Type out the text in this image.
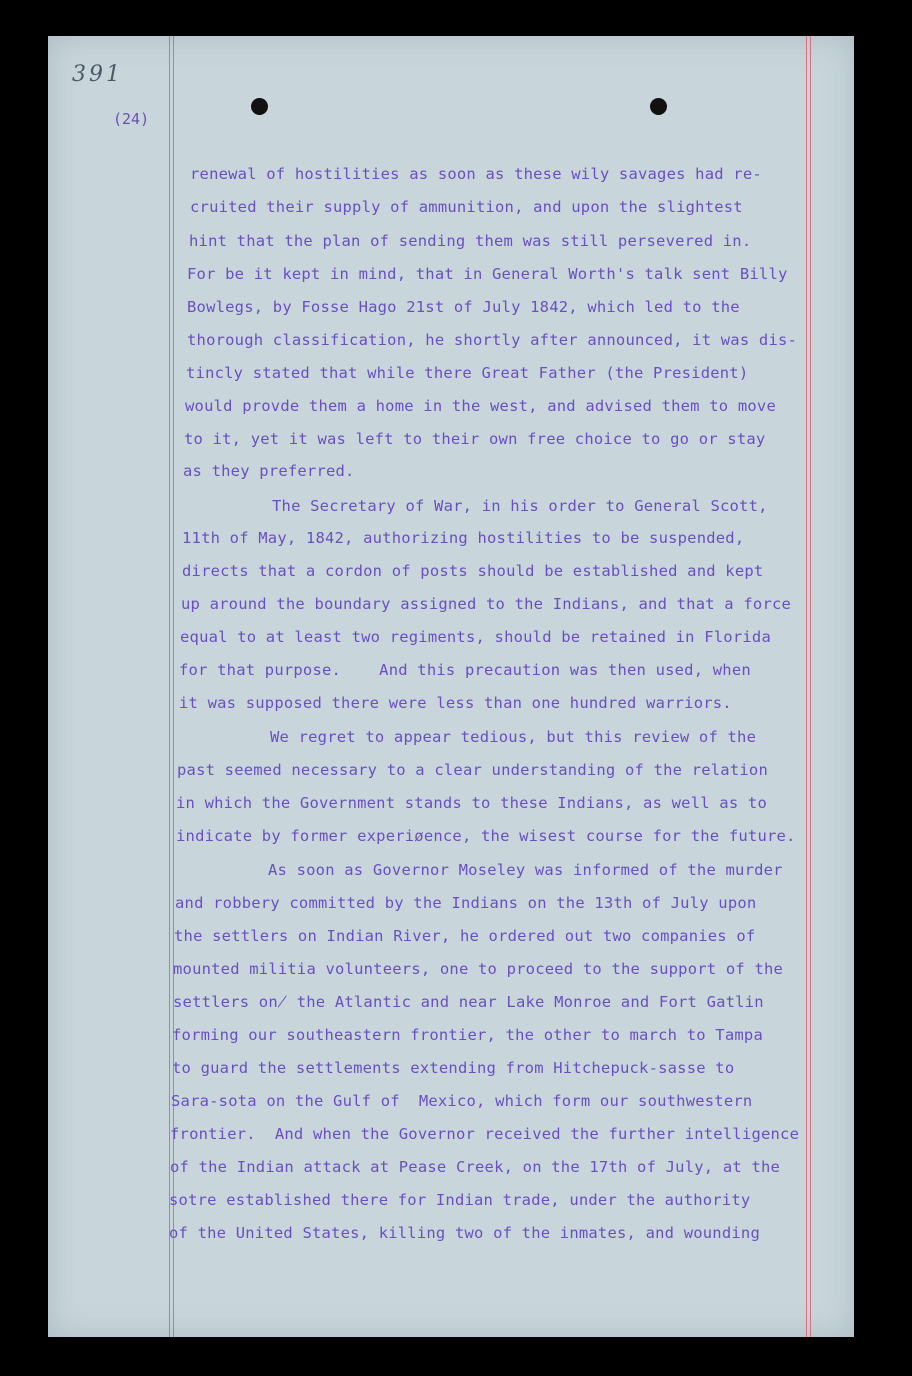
391
(24)
renewal of hostilities as soon as these wily savages had re-
cruited their supply of ammunition, and upon the slightest
hint that the plan of sending them was still persevered in.
For be it kept in mind, that in General Worth's talk sent Billy
Bowlegs, by Fosse Hago 21st of July 1842, which led to the
thorough classification, he shortly after announced, it was dis-
tincly stated that while there Great Father (the President)
would provde them a home in the west, and advised them to move
to it, yet it was left to their own free choice to go or stay
as they preferred.
The Secretary of War, in his order to General Scott,
11th of May, 1842, authorizing hostilities to be suspended,
directs that a cordon of posts should be established and kept
up around the boundary assigned to the Indians, and that a force
equal to at least two regiments, should be retained in Florida
for that purpose.    And this precaution was then used, when
it was supposed there were less than one hundred warriors.
We regret to appear tedious, but this review of the
past seemed necessary to a clear understanding of the relation
in which the Government stands to these Indians, as well as to
indicate by former experiøence, the wisest course for the future.
As soon as Governor Moseley was informed of the murder
and robbery committed by the Indians on the 13th of July upon
the settlers on Indian River, he ordered out two companies of
mounted militia volunteers, one to proceed to the support of the
settlers on̸ the Atlantic and near Lake Monroe and Fort Gatlin
forming our southeastern frontier, the other to march to Tampa
to guard the settlements extending from Hitchepuck-sasse to
Sara-sota on the Gulf of  Mexico, which form our southwestern
frontier.  And when the Governor received the further intelligence
of the Indian attack at Pease Creek, on the 17th of July, at the
sotre established there for Indian trade, under the authority
of the United States, killing two of the inmates, and wounding
